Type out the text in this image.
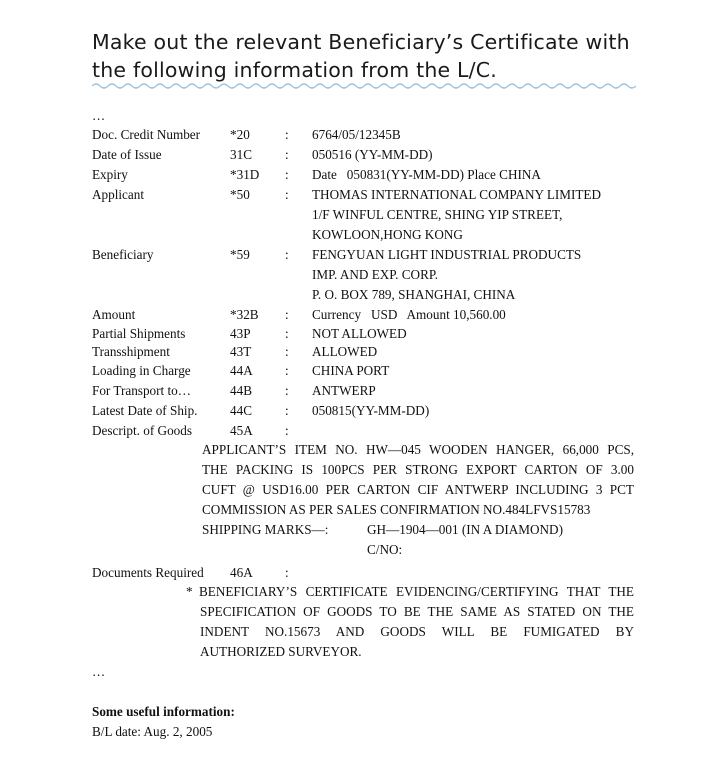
Make out the relevant Beneficiary’s Certificate with
the following information from the L/C.
…
Doc. Credit Number *20	: 6764/05/12345B
Date of Issue	31C	: 050516 (YY-MM-DD)
Expiry	*31D : Date   050831(YY-MM-DD) Place CHINA
Applicant	*50	: THOMAS INTERNATIONAL COMPANY LIMITED
1/F WINFUL CENTRE, SHING YIP STREET,
KOWLOON,HONG KONG
Beneficiary	*59	: FENGYUAN LIGHT INDUSTRIAL PRODUCTS
IMP. AND EXP. CORP.
P. O. BOX 789, SHANGHAI, CHINA
Amount	*32B : Currency   USD   Amount 10,560.00
Partial Shipments	43P	: NOT ALLOWED
Transshipment	43T	: ALLOWED
Loading in Charge	44A : CHINA PORT
For Transport to…	44B	: ANTWERP
Latest Date of Ship. 44C	: 050815(YY-MM-DD)
Descript. of Goods	45A :
APPLICANT’S ITEM NO. HW—045 WOODEN HANGER, 66,000 PCS,
THE PACKING IS 100PCS PER STRONG EXPORT CARTON OF 3.00
CUFT @ USD16.00 PER CARTON CIF ANTWERP INCLUDING 3 PCT
COMMISSION AS PER SALES CONFIRMATION NO.484LFVS15783
SHIPPING MARKS—:	GH—1904—001 (IN A DIAMOND)
C/NO:
Documents Required 46A :
* BENEFICIARY’S CERTIFICATE EVIDENCING/CERTIFYING THAT THE
SPECIFICATION OF GOODS TO BE THE SAME AS STATED ON THE
INDENT NO.15673 AND GOODS WILL BE FUMIGATED BY
AUTHORIZED SURVEYOR.
…
Some useful information:
B/L date: Aug. 2, 2005
